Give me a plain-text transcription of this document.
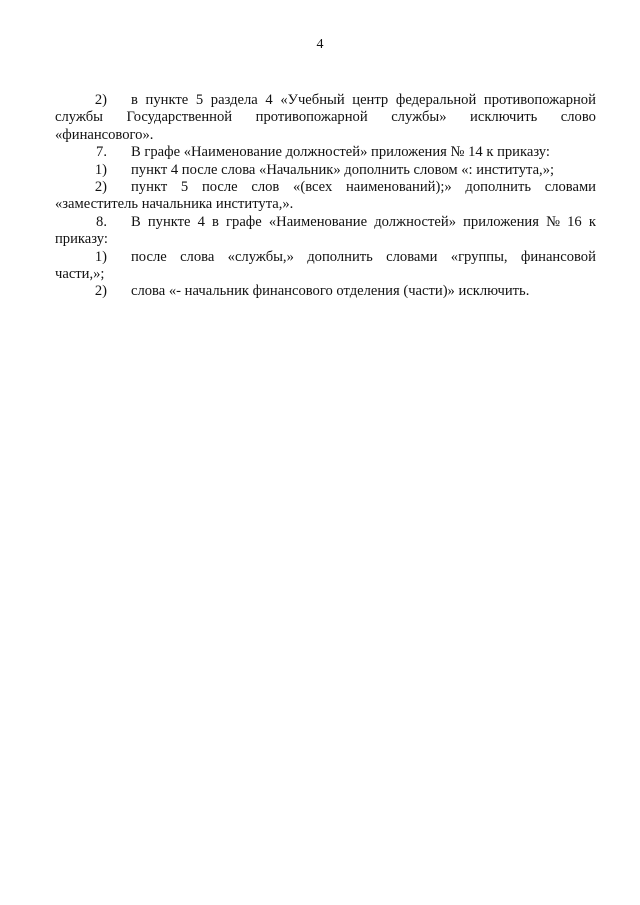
4
2) в пункте 5 раздела 4 «Учебный центр федеральной противопожарной
службы Государственной противопожарной службы» исключить слово
«финансового».
7. В графе «Наименование должностей» приложения № 14 к приказу:
1) пункт 4 после слова «Начальник» дополнить словом «: института,»;
2) пункт 5 после слов «(всех наименований);» дополнить словами
«заместитель начальника института,».
8. В пункте 4 в графе «Наименование должностей» приложения № 16 к
приказу:
1) после слова «службы,» дополнить словами «группы, финансовой
части,»;
2) слова «- начальник финансового отделения (части)» исключить.
